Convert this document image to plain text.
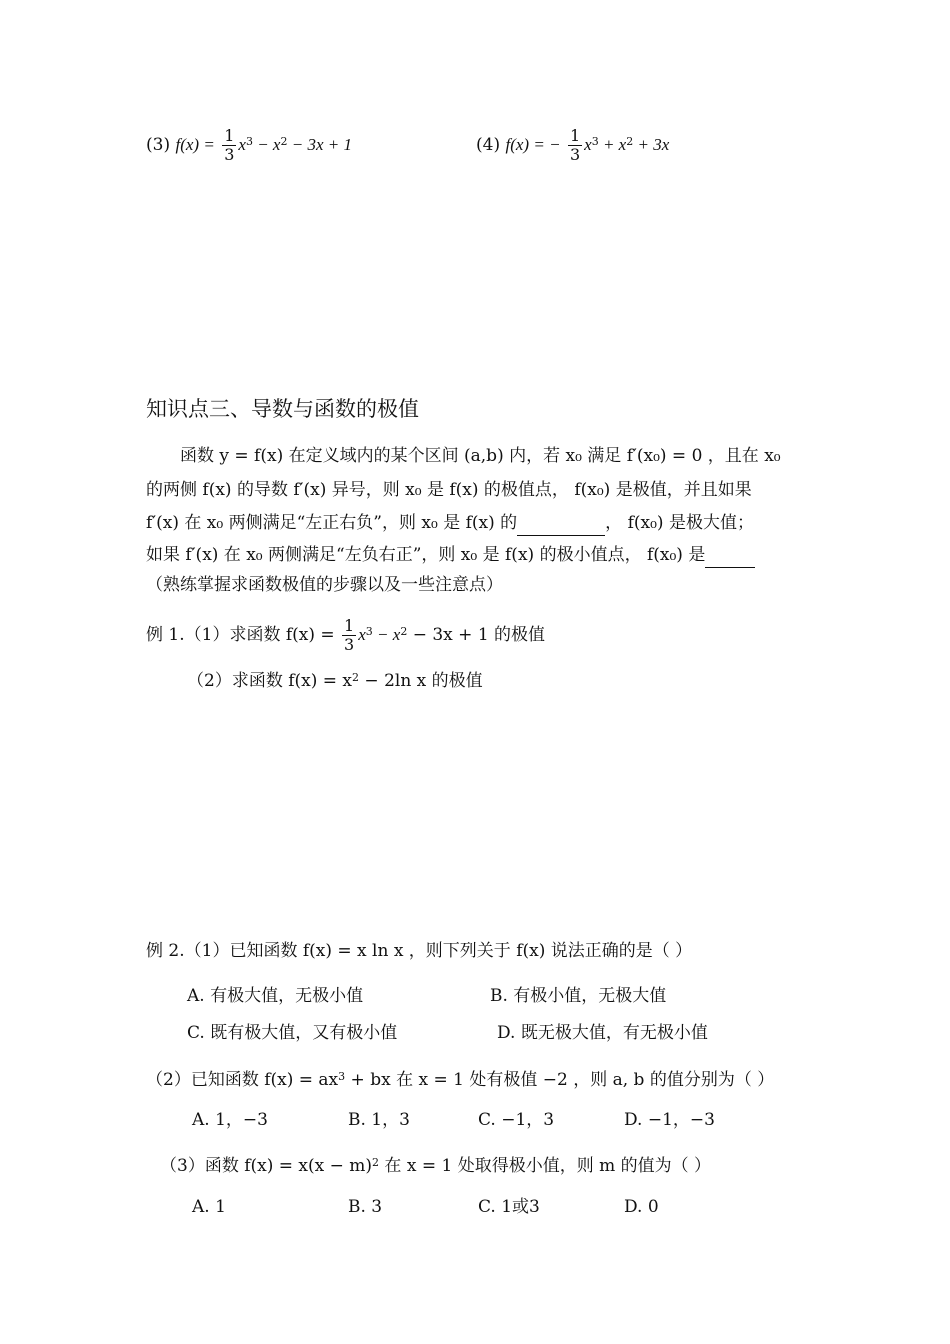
(3) $f(x) = \frac{1}{3} x^3 - x^2 - 3x + 1$	(4) f(x) = − $\frac{1}{3} x^3 + x^2 + 3x$
知识点三、导数与函数的极值
函数 y = f(x) 在定义域内的某个区间 (a,b) 内，若 x₀ 满足 f′(x₀) = 0 ，且在 x₀
的两侧 f(x) 的导数 f′(x) 异号，则 x₀ 是 f(x) 的极值点， f(x₀) 是极值，并且如果
f′(x) 在 x₀ 两侧满足“左正右负”，则 x₀ 是 f(x) 的	， f(x₀) 是极大值；
如果 f′(x) 在 x₀ 两侧满足“左负右正”，则 x₀ 是 f(x) 的极小值点， f(x₀) 是
（熟练掌握求函数极值的步骤以及一些注意点）
例 1.（1）求函数 $f(x) = \frac{1}{3} x^3 - x^2 - 3x + 1$ 的极值
（2）求函数 $f(x) = x^2 - 2\ln$ x 的极值
例 2.（1）已知函数 f(x) = x ln x ，则下列关于 f(x) 说法正确的是（ ）
A. 有极大值，无极小值	B. 有极小值，无极大值
C. 既有极大值，又有极小值	D. 既无极大值，有无极小值
（2）已知函数 $f(x) = ax^3$ + bx 在 x = 1 处有极值 −2 ，则 a, b 的值分别为（ ）
A. 1，−3	B. 1，3	C. −1，3	D. −1，−3
（3）函数 $f(x) = x(x - m)^2$ 在 x = 1 处取得极小值，则 m 的值为（ ）
A. 1	B. 3	C. 1或3	D. 0
